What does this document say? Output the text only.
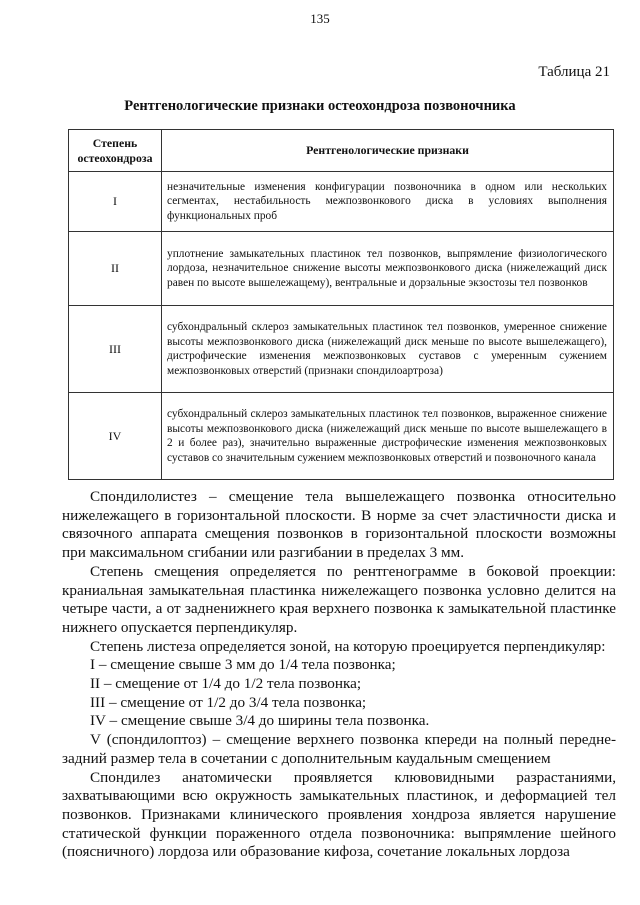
135
Таблица 21
Рентгенологические признаки остеохондроза позвоночника
Степень остеохондроза	Рентгенологические признаки
I	незначительные изменения конфигурации позвоночника в одном или нескольких сегментах, нестабильность межпозвонкового диска в условиях выполнения функциональных проб
II	уплотнение замыкательных пластинок тел позвонков, выпрямление физиологического лордоза, незначительное снижение высоты межпозвонкового диска (нижележащий диск равен по высоте вышележащему), вентральные и дорзальные экзостозы тел позвонков
III	субхондральный склероз замыкательных пластинок тел позвонков, умеренное снижение высоты межпозвонкового диска (нижележащий диск меньше по высоте вышележащего), дистрофические изменения межпозвонковых суставов с умеренным сужением межпозвонковых отверстий (признаки спондилоартроза)
IV	субхондральный склероз замыкательных пластинок тел позвонков, выраженное снижение высоты межпозвонкового диска (нижележащий диск меньше по высоте вышележащего в 2 и более раз), значительно выраженные дистрофические изменения межпозвонковых суставов со значительным сужением межпозвонковых отверстий и позвоночного канала

Спондилолистез – смещение тела вышележащего позвонка относительно нижележащего в горизонтальной плоскости. В норме за счет эластичности диска и связочного аппарата смещения позвонков в горизонтальной плоскости возможны при максимальном сгибании или разгибании в пределах 3 мм.

Степень смещения определяется по рентгенограмме в боковой проекции: краниальная замыкательная пластинка нижележащего позвонка условно делится на четыре части, а от задненижнего края верхнего позвонка к замыкательной пластинке нижнего опускается перпендикуляр.

Степень листеза определяется зоной, на которую проецируется перпендикуляр:

I – смещение свыше 3 мм до 1/4 тела позвонка;

II – смещение от 1/4 до 1/2 тела позвонка;

III – смещение от 1/2 до 3/4 тела позвонка;

IV – смещение свыше 3/4 до ширины тела позвонка.

V (спондилоптоз) – смещение верхнего позвонка кпереди на полный передне-задний размер тела в сочетании с дополнительным каудальным смещением

Спондилез анатомически проявляется клювовидными разрастаниями, захватывающими всю окружность замыкательных пластинок, и деформацией тел позвонков. Признаками клинического проявления хондроза является нарушение статической функции пораженного отдела позвоночника: выпрямление шейного (поясничного) лордоза или образование кифоза, сочетание локальных лордоза
